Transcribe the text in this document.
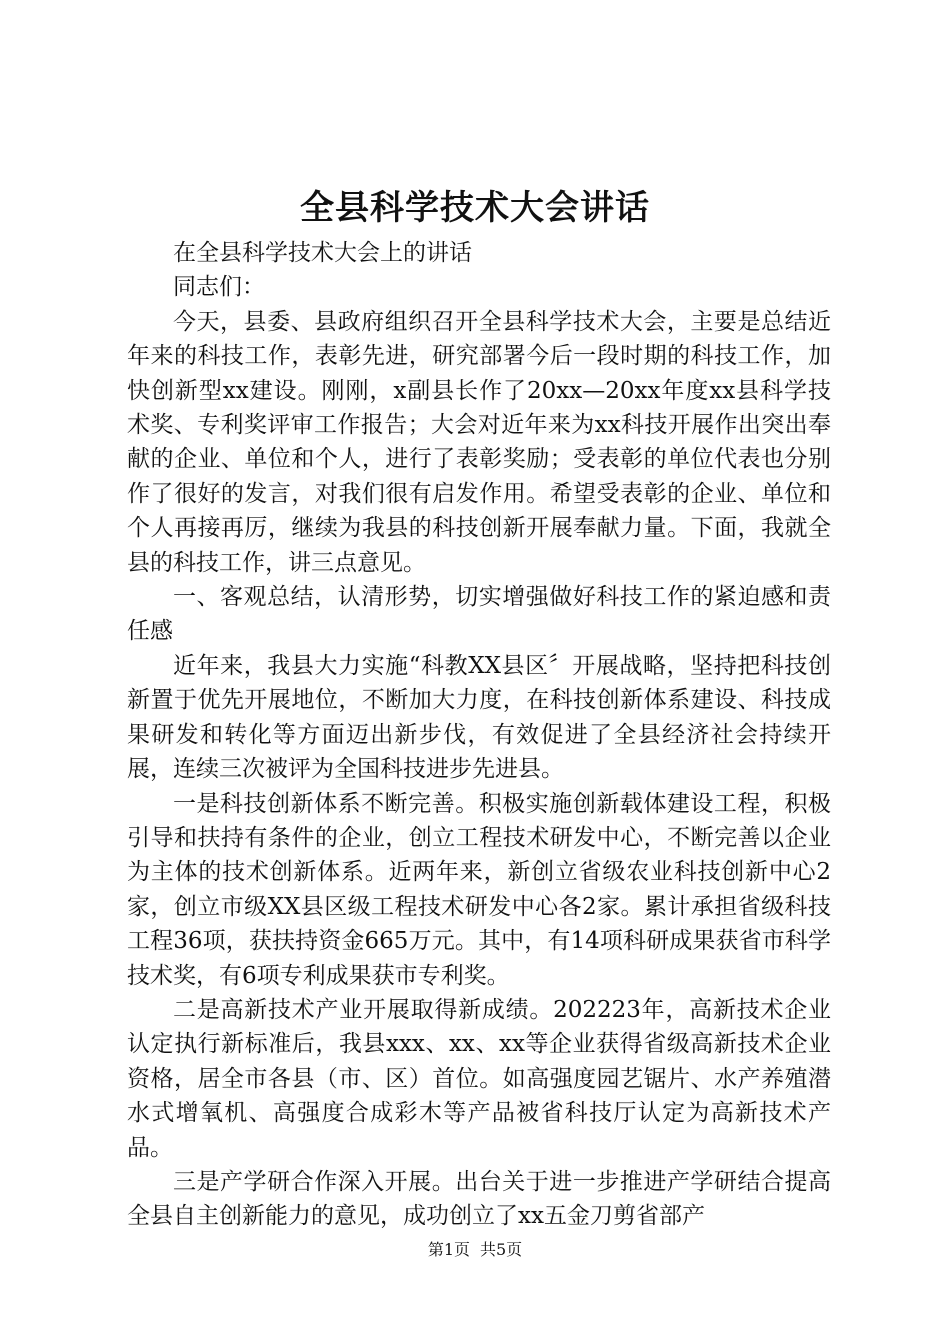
全县科学技术大会讲话

在全县科学技术大会上的讲话

同志们：

今天，县委、县政府组织召开全县科学技术大会，主要是总结近年来的科技工作，表彰先进，研究部署今后一段时期的科技工作，加快创新型xx建设。刚刚，x副县长作了20xx—20xx年度xx县科学技术奖、专利奖评审工作报告；大会对近年来为xx科技开展作出突出奉献的企业、单位和个人，进行了表彰奖励；受表彰的单位代表也分别作了很好的发言，对我们很有启发作用。希望受表彰的企业、单位和个人再接再厉，继续为我县的科技创新开展奉献力量。下面，我就全县的科技工作，讲三点意见。

一、客观总结，认清形势，切实增强做好科技工作的紧迫感和责任感

近年来，我县大力实施“科教XX县区〞开展战略，坚持把科技创新置于优先开展地位，不断加大力度，在科技创新体系建设、科技成果研发和转化等方面迈出新步伐，有效促进了全县经济社会持续开展，连续三次被评为全国科技进步先进县。

一是科技创新体系不断完善。积极实施创新载体建设工程，积极引导和扶持有条件的企业，创立工程技术研发中心，不断完善以企业为主体的技术创新体系。近两年来，新创立省级农业科技创新中心2家，创立市级XX县区级工程技术研发中心各2家。累计承担省级科技工程36项，获扶持资金665万元。其中，有14项科研成果获省市科学技术奖，有6项专利成果获市专利奖。

二是高新技术产业开展取得新成绩。202223年，高新技术企业认定执行新标准后，我县xxx、xx、xx等企业获得省级高新技术企业资格，居全市各县（市、区）首位。如高强度园艺锯片、水产养殖潜水式增氧机、高强度合成彩木等产品被省科技厅认定为高新技术产品。

三是产学研合作深入开展。出台关于进一步推进产学研结合提高全县自主创新能力的意见，成功创立了xx五金刀剪省部产

第1页 共5页
